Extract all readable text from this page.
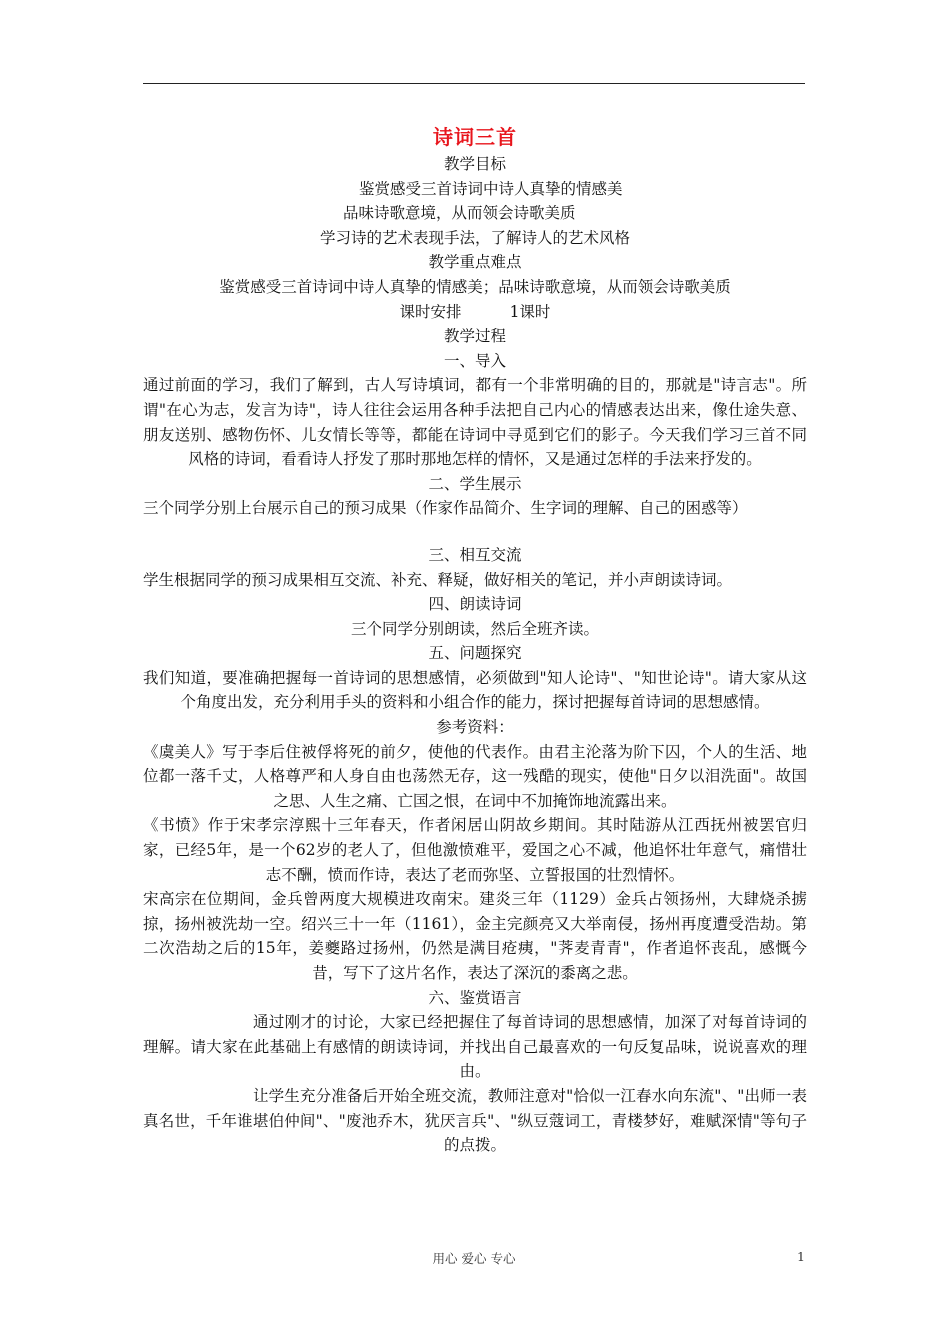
诗词三首
教学目标
鉴赏感受三首诗词中诗人真挚的情感美
品味诗歌意境，从而领会诗歌美质
学习诗的艺术表现手法，了解诗人的艺术风格
教学重点难点
鉴赏感受三首诗词中诗人真挚的情感美；品味诗歌意境，从而领会诗歌美质
课时安排	1课时
教学过程
一、导入
通过前面的学习，我们了解到，古人写诗填词，都有一个非常明确的目的，那就是"诗言志"。所谓"在心为志，发言为诗"，诗人往往会运用各种手法把自己内心的情感表达出来，像仕途失意、朋友送别、感物伤怀、儿女情长等等，都能在诗词中寻觅到它们的影子。今天我们学习三首不同风格的诗词，看看诗人抒发了那时那地怎样的情怀，又是通过怎样的手法来抒发的。
二、学生展示
三个同学分别上台展示自己的预习成果（作家作品简介、生字词的理解、自己的困惑等）
三、相互交流
学生根据同学的预习成果相互交流、补充、释疑，做好相关的笔记，并小声朗读诗词。
四、朗读诗词
三个同学分别朗读，然后全班齐读。
五、问题探究
我们知道，要准确把握每一首诗词的思想感情，必须做到"知人论诗"、"知世论诗"。请大家从这个角度出发，充分利用手头的资料和小组合作的能力，探讨把握每首诗词的思想感情。
参考资料：
《虞美人》写于李后住被俘将死的前夕，使他的代表作。由君主沦落为阶下囚，个人的生活、地位都一落千丈，人格尊严和人身自由也荡然无存，这一残酷的现实，使他"日夕以泪洗面"。故国之思、人生之痛、亡国之恨，在词中不加掩饰地流露出来。
《书愤》作于宋孝宗淳熙十三年春天，作者闲居山阴故乡期间。其时陆游从江西抚州被罢官归家，已经5年，是一个62岁的老人了，但他激愤难平，爱国之心不减，他追怀壮年意气，痛惜壮志不酬，愤而作诗，表达了老而弥坚、立誓报国的壮烈情怀。
宋高宗在位期间，金兵曾两度大规模进攻南宋。建炎三年（1129）金兵占领扬州，大肆烧杀掳掠，扬州被洗劫一空。绍兴三十一年（1161），金主完颜亮又大举南侵，扬州再度遭受浩劫。第二次浩劫之后的15年，姜夔路过扬州，仍然是满目疮痍，"荠麦青青"，作者追怀丧乱，感慨今昔，写下了这片名作，表达了深沉的黍离之悲。
六、鉴赏语言
通过刚才的讨论，大家已经把握住了每首诗词的思想感情，加深了对每首诗词的理解。请大家在此基础上有感情的朗读诗词，并找出自己最喜欢的一句反复品味，说说喜欢的理由。
让学生充分准备后开始全班交流，教师注意对"恰似一江春水向东流"、"出师一表真名世，千年谁堪伯仲间"、"废池乔木，犹厌言兵"、"纵豆蔻词工，青楼梦好，难赋深情"等句子的点拨。
用心 爱心 专心	1
